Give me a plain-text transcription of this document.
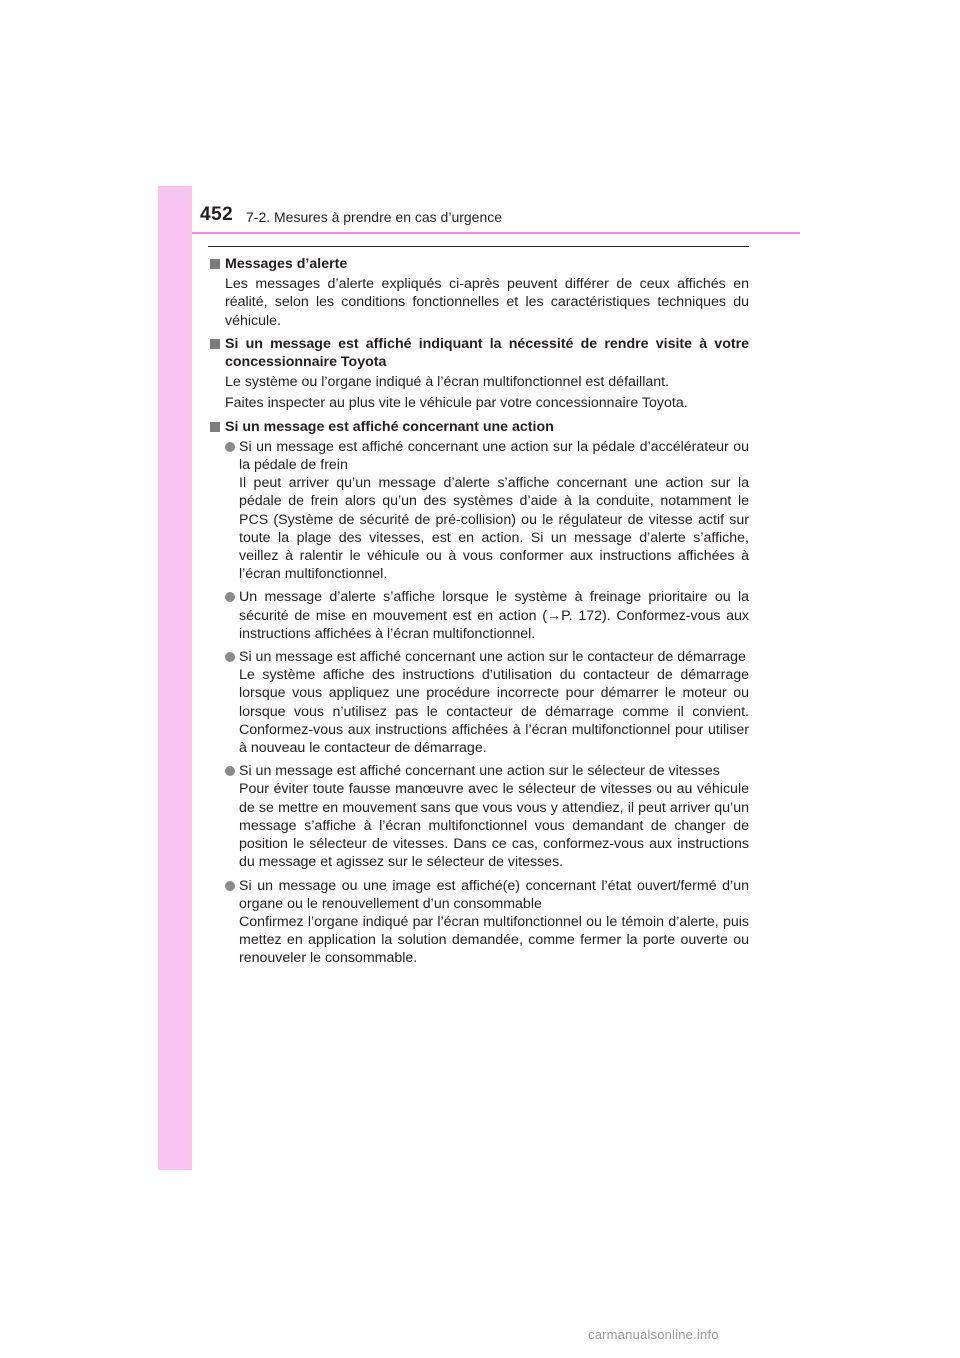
452 7-2. Mesures à prendre en cas d’urgence
Messages d’alerte
Les messages d’alerte expliqués ci-après peuvent différer de ceux affichés en réalité, selon les conditions fonctionnelles et les caractéristiques techniques du véhicule.
Si un message est affiché indiquant la nécessité de rendre visite à votre concessionnaire Toyota
Le système ou l’organe indiqué à l’écran multifonctionnel est défaillant.
Faites inspecter au plus vite le véhicule par votre concessionnaire Toyota.
Si un message est affiché concernant une action
Si un message est affiché concernant une action sur la pédale d’accélérateur ou la pédale de frein
Il peut arriver qu’un message d’alerte s’affiche concernant une action sur la pédale de frein alors qu’un des systèmes d’aide à la conduite, notamment le PCS (Système de sécurité de pré-collision) ou le régulateur de vitesse actif sur toute la plage des vitesses, est en action. Si un message d’alerte s’affiche, veillez à ralentir le véhicule ou à vous conformer aux instructions affichées à l’écran multifonctionnel.
Un message d’alerte s’affiche lorsque le système à freinage prioritaire ou la sécurité de mise en mouvement est en action (→P. 172). Conformez-vous aux instructions affichées à l’écran multifonctionnel.
Si un message est affiché concernant une action sur le contacteur de démarrage
Le système affiche des instructions d’utilisation du contacteur de démarrage lorsque vous appliquez une procédure incorrecte pour démarrer le moteur ou lorsque vous n’utilisez pas le contacteur de démarrage comme il convient. Conformez-vous aux instructions affichées à l’écran multifonctionnel pour utiliser à nouveau le contacteur de démarrage.
Si un message est affiché concernant une action sur le sélecteur de vitesses
Pour éviter toute fausse manœuvre avec le sélecteur de vitesses ou au véhicule de se mettre en mouvement sans que vous vous y attendiez, il peut arriver qu’un message s’affiche à l’écran multifonctionnel vous demandant de changer de position le sélecteur de vitesses. Dans ce cas, conformez-vous aux instructions du message et agissez sur le sélecteur de vitesses.
Si un message ou une image est affiché(e) concernant l’état ouvert/fermé d’un organe ou le renouvellement d’un consommable
Confirmez l’organe indiqué par l’écran multifonctionnel ou le témoin d’alerte, puis mettez en application la solution demandée, comme fermer la porte ouverte ou renouveler le consommable.
carmanualsonline.info
